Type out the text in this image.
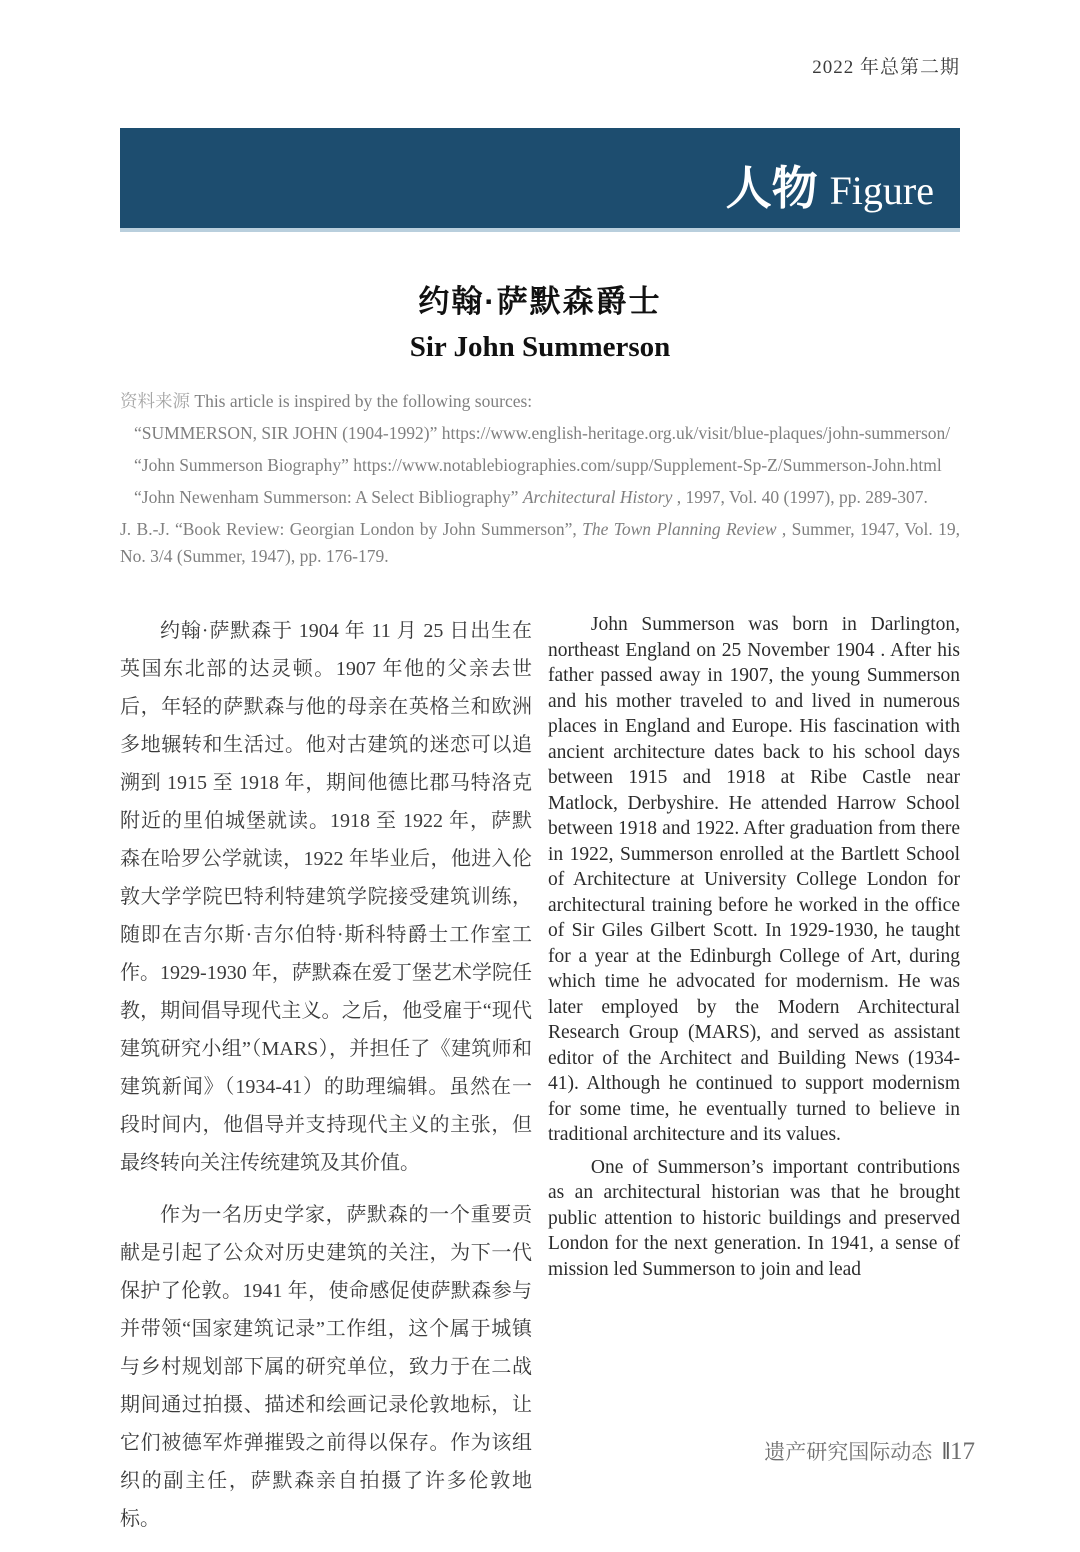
2022 年总第二期
人物 Figure
约翰·萨默森爵士
Sir John Summerson

资料来源 This article is inspired by the following sources:

“SUMMERSON, SIR JOHN (1904-1992)” https://www.english-heritage.org.uk/visit/blue-plaques/john-summerson/

“John Summerson Biography” https://www.notablebiographies.com/supp/Supplement-Sp-Z/Summerson-John.html

“John Newenham Summerson: A Select Bibliography” Architectural History , 1997, Vol. 40 (1997), pp. 289-307.

J. B.-J. “Book Review: Georgian London by John Summerson”, The Town Planning Review , Summer, 1947, Vol. 19, No. 3/4 (Summer, 1947), pp. 176-179.

约翰·萨默森于 1904 年 11 月 25 日出生在英国东北部的达灵顿。1907 年他的父亲去世后，年轻的萨默森与他的母亲在英格兰和欧洲多地辗转和生活过。他对古建筑的迷恋可以追溯到 1915 至 1918 年，期间他德比郡马特洛克附近的里伯城堡就读。1918 至 1922 年，萨默森在哈罗公学就读，1922 年毕业后，他进入伦敦大学学院巴特利特建筑学院接受建筑训练，随即在吉尔斯·吉尔伯特·斯科特爵士工作室工作。1929-1930 年，萨默森在爱丁堡艺术学院任教，期间倡导现代主义。之后，他受雇于“现代建筑研究小组”（MARS），并担任了《建筑师和建筑新闻》（1934-41）的助理编辑。虽然在一段时间内，他倡导并支持现代主义的主张，但最终转向关注传统建筑及其价值。

作为一名历史学家，萨默森的一个重要贡献是引起了公众对历史建筑的关注，为下一代保护了伦敦。1941 年，使命感促使萨默森参与并带领“国家建筑记录”工作组，这个属于城镇与乡村规划部下属的研究单位，致力于在二战期间通过拍摄、描述和绘画记录伦敦地标，让它们被德军炸弹摧毁之前得以保存。作为该组织的副主任，萨默森亲自拍摄了许多伦敦地标。

John Summerson was born in Darlington, northeast England on 25 November 1904 . After his father passed away in 1907, the young Summerson and his mother traveled to and lived in numerous places in England and Europe. His fascination with ancient architecture dates back to his school days between 1915 and 1918 at Ribe Castle near Matlock, Derbyshire. He attended Harrow School between 1918 and 1922. After graduation from there in 1922, Summerson enrolled at the Bartlett School of Architecture at University College London for architectural training before he worked in the office of Sir Giles Gilbert Scott. In 1929-1930, he taught for a year at the Edinburgh College of Art, during which time he advocated for modernism. He was later employed by the Modern Architectural Research Group (MARS), and served as assistant editor of the Architect and Building News (1934-41). Although he continued to support modernism for some time, he eventually turned to believe in traditional architecture and its values.

One of Summerson’s important contributions as an architectural historian was that he brought public attention to historic buildings and preserved London for the next generation. In 1941, a sense of mission led Summerson to join and lead

遗产研究国际动态 ‖17
